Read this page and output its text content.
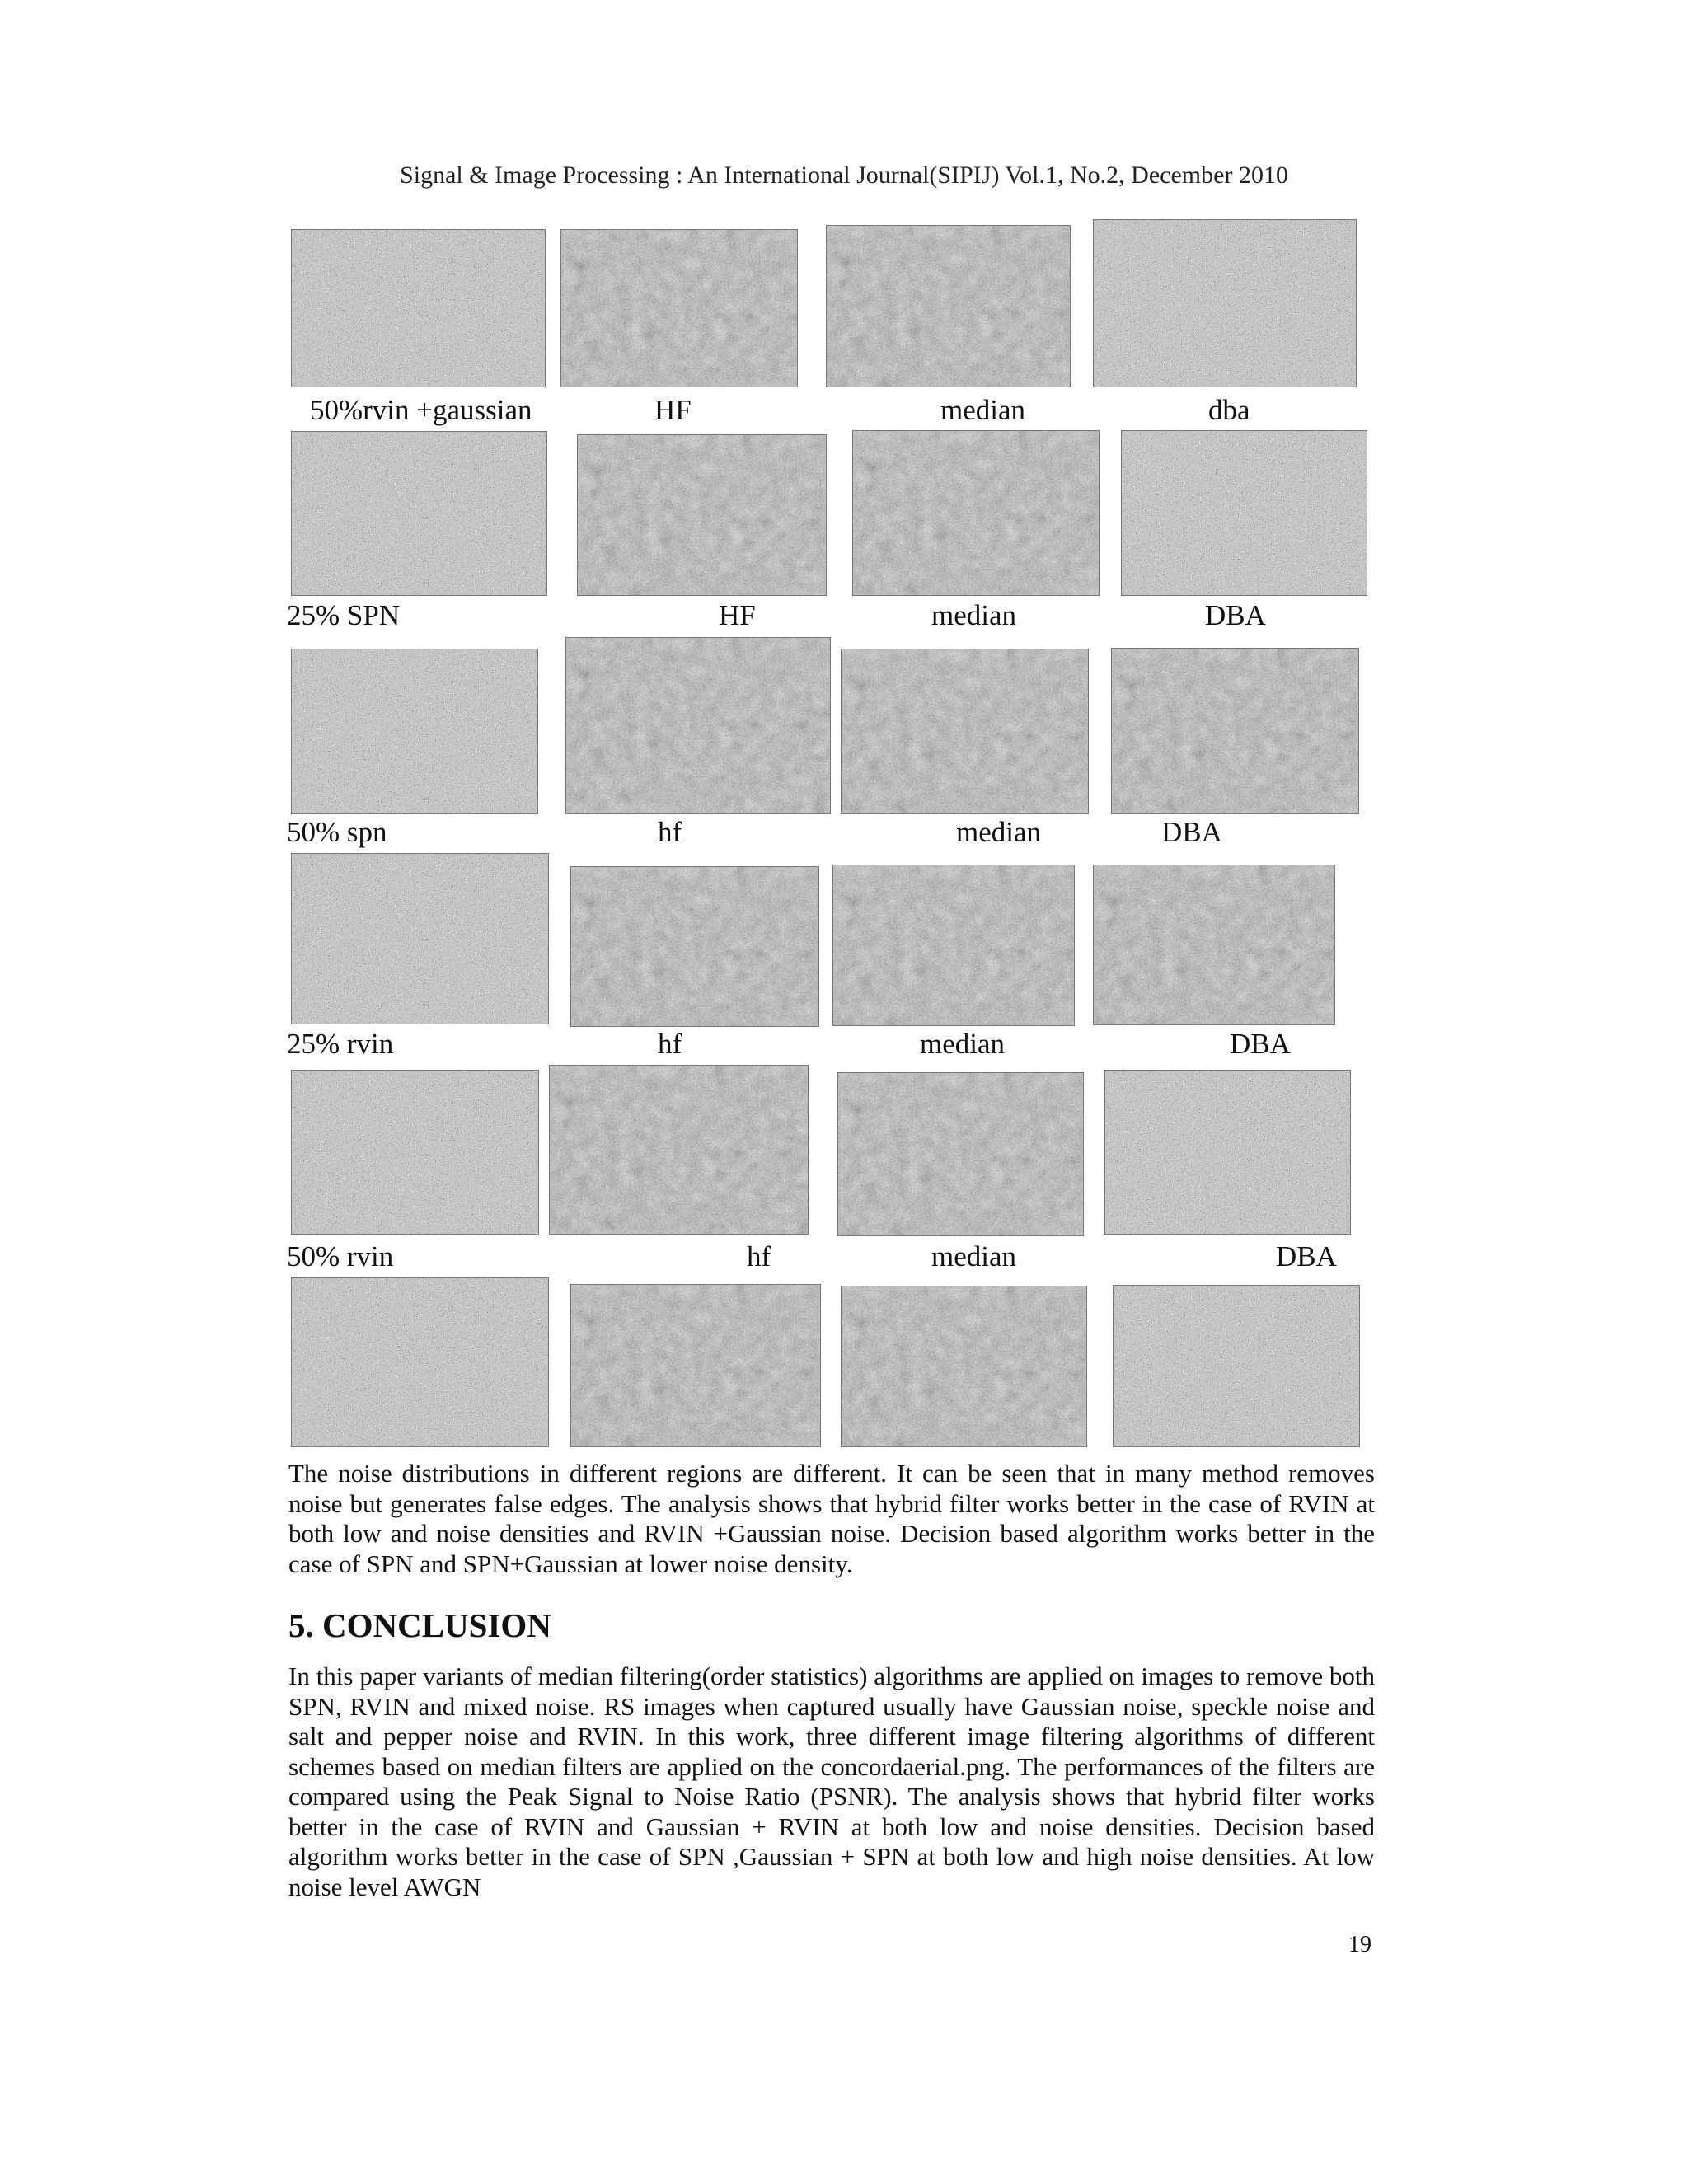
Signal & Image Processing : An International Journal(SIPIJ) Vol.1, No.2, December 2010
50%rvin +gaussian	HF	median	dba
25% SPN	HF	median	DBA
50% spn	hf	median	DBA
25% rvin	hf	median	DBA
50% rvin	hf	median	DBA
The noise distributions in different regions are different. It can be seen that in many method removes noise but generates false edges. The analysis shows that hybrid filter works better in the case of RVIN at both low and noise densities and RVIN +Gaussian noise. Decision based algorithm works better in the case of SPN and SPN+Gaussian at lower noise density.
5. CONCLUSION
In this paper variants of median filtering(order statistics) algorithms are applied on images to remove both SPN, RVIN and mixed noise. RS images when captured usually have Gaussian noise, speckle noise and salt and pepper noise and RVIN. In this work, three different image filtering algorithms of different schemes based on median filters are applied on the concordaerial.png. The performances of the filters are compared using the Peak Signal to Noise Ratio (PSNR). The analysis shows that hybrid filter works better in the case of RVIN and Gaussian + RVIN at both low and noise densities. Decision based algorithm works better in the case of SPN ,Gaussian + SPN at both low and high noise densities. At low noise level AWGN
19
